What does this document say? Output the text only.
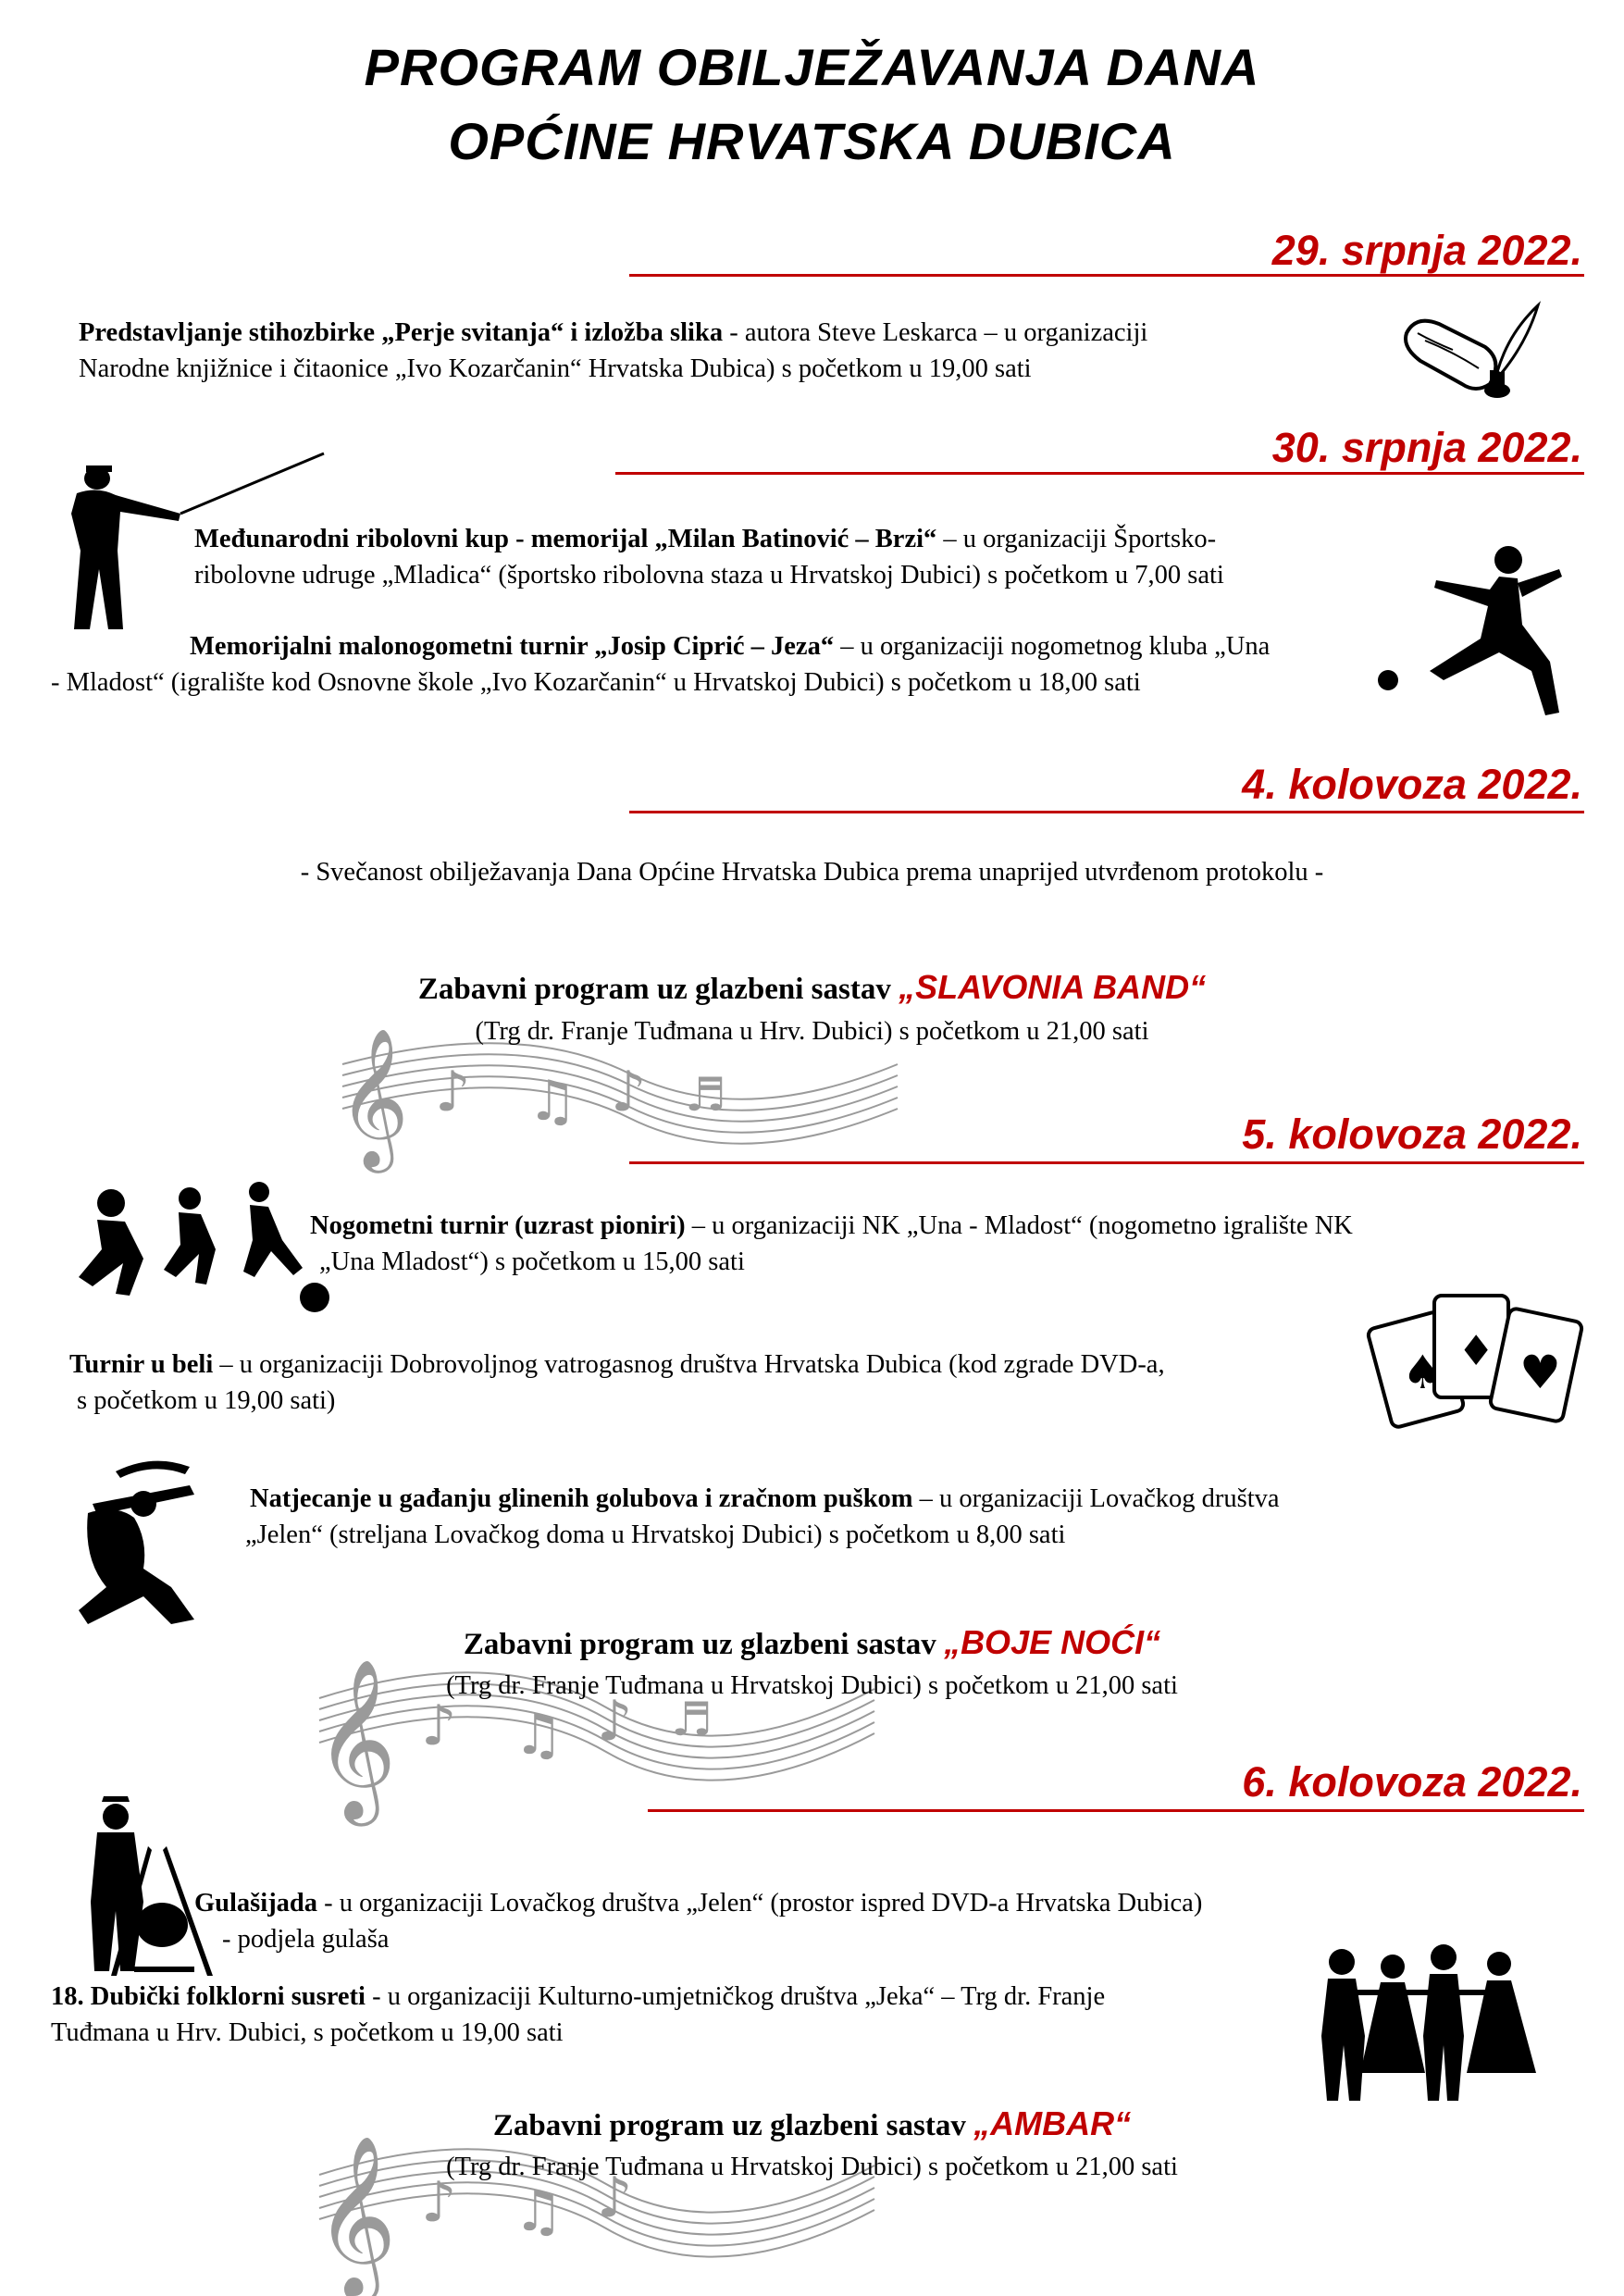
PROGRAM OBILJEŽAVANJA DANA
OPĆINE HRVATSKA DUBICA
29. srpnja 2022.
Predstavljanje stihozbirke „Perje svitanja“ i izložba slika - autora Steve Leskarca – u organizaciji
Narodne knjižnice i čitaonice „Ivo Kozarčanin“ Hrvatska Dubica) s početkom u 19,00 sati
30. srpnja 2022.
Međunarodni ribolovni kup - memorijal „Milan Batinović – Brzi“ – u organizaciji Športsko-
ribolovne udruge „Mladica“ (športsko ribolovna staza u Hrvatskoj Dubici) s početkom u 7,00 sati
Memorijalni malonogometni turnir „Josip Ciprić – Jeza“ – u organizaciji nogometnog kluba „Una
- Mladost“ (igralište kod Osnovne škole „Ivo Kozarčanin“ u Hrvatskoj Dubici) s početkom u 18,00 sati
4. kolovoza 2022.
- Svečanost obilježavanja Dana Općine Hrvatska Dubica prema unaprijed utvrđenom protokolu -
𝄞 ♪ ♫ ♪ ♬
Zabavni program uz glazbeni sastav „SLAVONIA BAND“
(Trg dr. Franje Tuđmana u Hrv. Dubici) s početkom u 21,00 sati
5. kolovoza 2022.
Nogometni turnir (uzrast pioniri) – u organizaciji NK „Una - Mladost“ (nogometno igralište NK
„Una Mladost“) s početkom u 15,00 sati
♠ ♦ ♥
Turnir u beli – u organizaciji Dobrovoljnog vatrogasnog društva Hrvatska Dubica (kod zgrade DVD-a,
s početkom u 19,00 sati)
Natjecanje u gađanju glinenih golubova i zračnom puškom – u organizaciji Lovačkog društva
„Jelen“ (streljana Lovačkog doma u Hrvatskoj Dubici) s početkom u 8,00 sati
𝄞 ♪ ♫ ♪ ♬
Zabavni program uz glazbeni sastav „BOJE NOĆI“
(Trg dr. Franje Tuđmana u Hrvatskoj Dubici) s početkom u 21,00 sati
6. kolovoza 2022.
Gulašijada - u organizaciji Lovačkog društva „Jelen“ (prostor ispred DVD-a Hrvatska Dubica)
- podjela gulaša
18. Dubički folklorni susreti - u organizaciji Kulturno-umjetničkog društva „Jeka“ – Trg dr. Franje
Tuđmana u Hrv. Dubici, s početkom u 19,00 sati
𝄞 ♪ ♫ ♪
Zabavni program uz glazbeni sastav „AMBAR“
(Trg dr. Franje Tuđmana u Hrvatskoj Dubici) s početkom u 21,00 sati
